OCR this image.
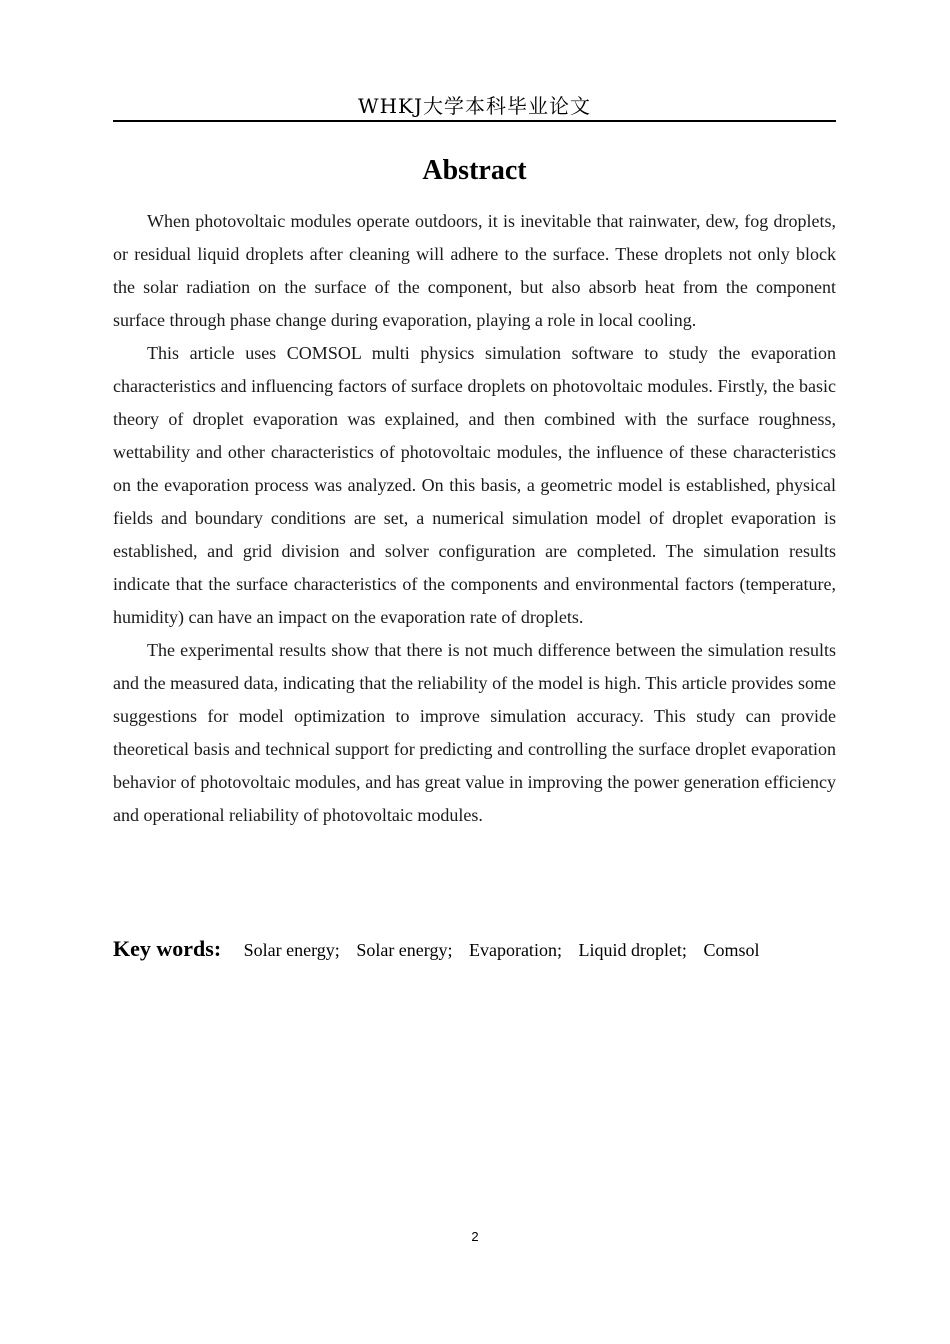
WHKJ大学本科毕业论文
Abstract

When photovoltaic modules operate outdoors, it is inevitable that rainwater, dew, fog droplets, or residual liquid droplets after cleaning will adhere to the surface. These droplets not only block the solar radiation on the surface of the component, but also absorb heat from the component surface through phase change during evaporation, playing a role in local cooling.

This article uses COMSOL multi physics simulation software to study the evaporation characteristics and influencing factors of surface droplets on photovoltaic modules. Firstly, the basic theory of droplet evaporation was explained, and then combined with the surface roughness, wettability and other characteristics of photovoltaic modules, the influence of these characteristics on the evaporation process was analyzed. On this basis, a geometric model is established, physical fields and boundary conditions are set, a numerical simulation model of droplet evaporation is established, and grid division and solver configuration are completed. The simulation results indicate that the surface characteristics of the components and environmental factors (temperature, humidity) can have an impact on the evaporation rate of droplets.

The experimental results show that there is not much difference between the simulation results and the measured data, indicating that the reliability of the model is high. This article provides some suggestions for model optimization to improve simulation accuracy. This study can provide theoretical basis and technical support for predicting and controlling the surface droplet evaporation behavior of photovoltaic modules, and has great value in improving the power generation efficiency and operational reliability of photovoltaic modules.

Key words: Solar energy; Solar energy; Evaporation; Liquid droplet; Comsol
2
